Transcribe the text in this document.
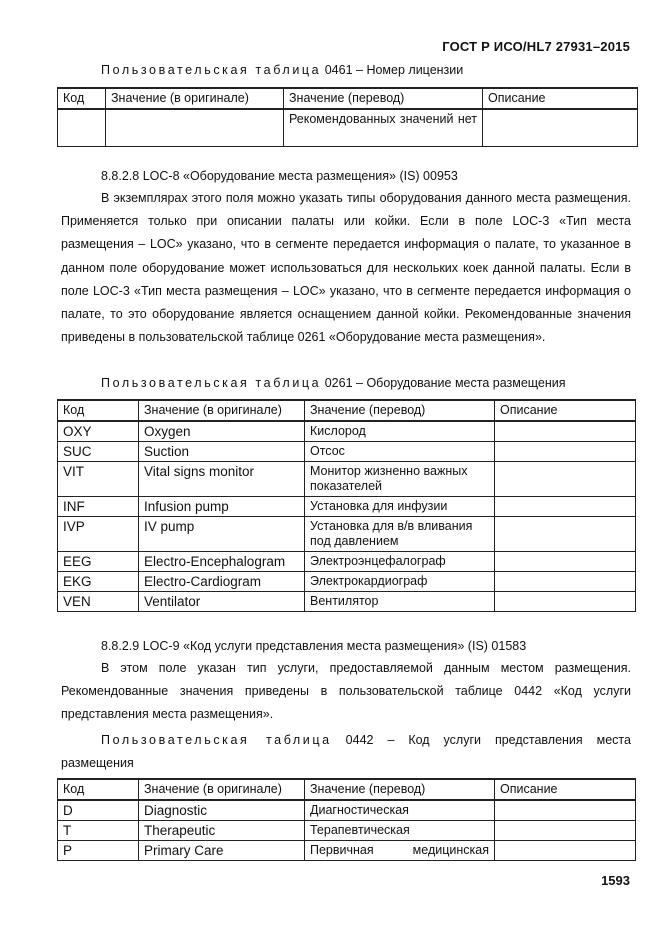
ГОСТ Р ИСО/HL7 27931–2015
Пользовательская таблица 0461 – Номер лицензии
Код	Значение (в оригинале)	Значение (перевод)	Описание
		Рекомендованных значений нет	
8.8.2.8 LOC-8 «Оборудование места размещения» (IS) 00953

В экземплярах этого поля можно указать типы оборудования данного места размещения. Применяется только при описании палаты или койки. Если в поле LOC-3 «Тип места размещения – LOC» указано, что в сегменте передается информация о палате, то указанное в данном поле оборудование может использоваться для нескольких коек данной палаты. Если в поле LOC-3 «Тип места размещения – LOC» указано, что в сегменте передается информация о палате, то это оборудование является оснащением данной койки. Рекомендованные значения приведены в пользовательской таблице 0261 «Оборудование места размещения».

Пользовательская таблица 0261 – Оборудование места размещения
Код	Значение (в оригинале)	Значение (перевод)	Описание
OXY	Oxygen	Кислород	
SUC	Suction	Отсос	
VIT	Vital signs monitor	Монитор жизненно важных показателей	
INF	Infusion pump	Установка для инфузии	
IVP	IV pump	Установка для в/в вливания под давлением	
EEG	Electro-Encephalogram	Электроэнцефалограф	
EKG	Electro-Cardiogram	Электрокардиограф	
VEN	Ventilator	Вентилятор	
8.8.2.9 LOC-9 «Код услуги представления места размещения» (IS) 01583

В этом поле указан тип услуги, предоставляемой данным местом размещения. Рекомендованные значения приведены в пользовательской таблице 0442 «Код услуги представления места размещения».

Пользовательская таблица 0442 – Код услуги представления места размещения
Код	Значение (в оригинале)	Значение (перевод)	Описание
D	Diagnostic	Диагностическая	
T	Therapeutic	Терапевтическая	
P	Primary Care	Первичная медицинская	
1593
